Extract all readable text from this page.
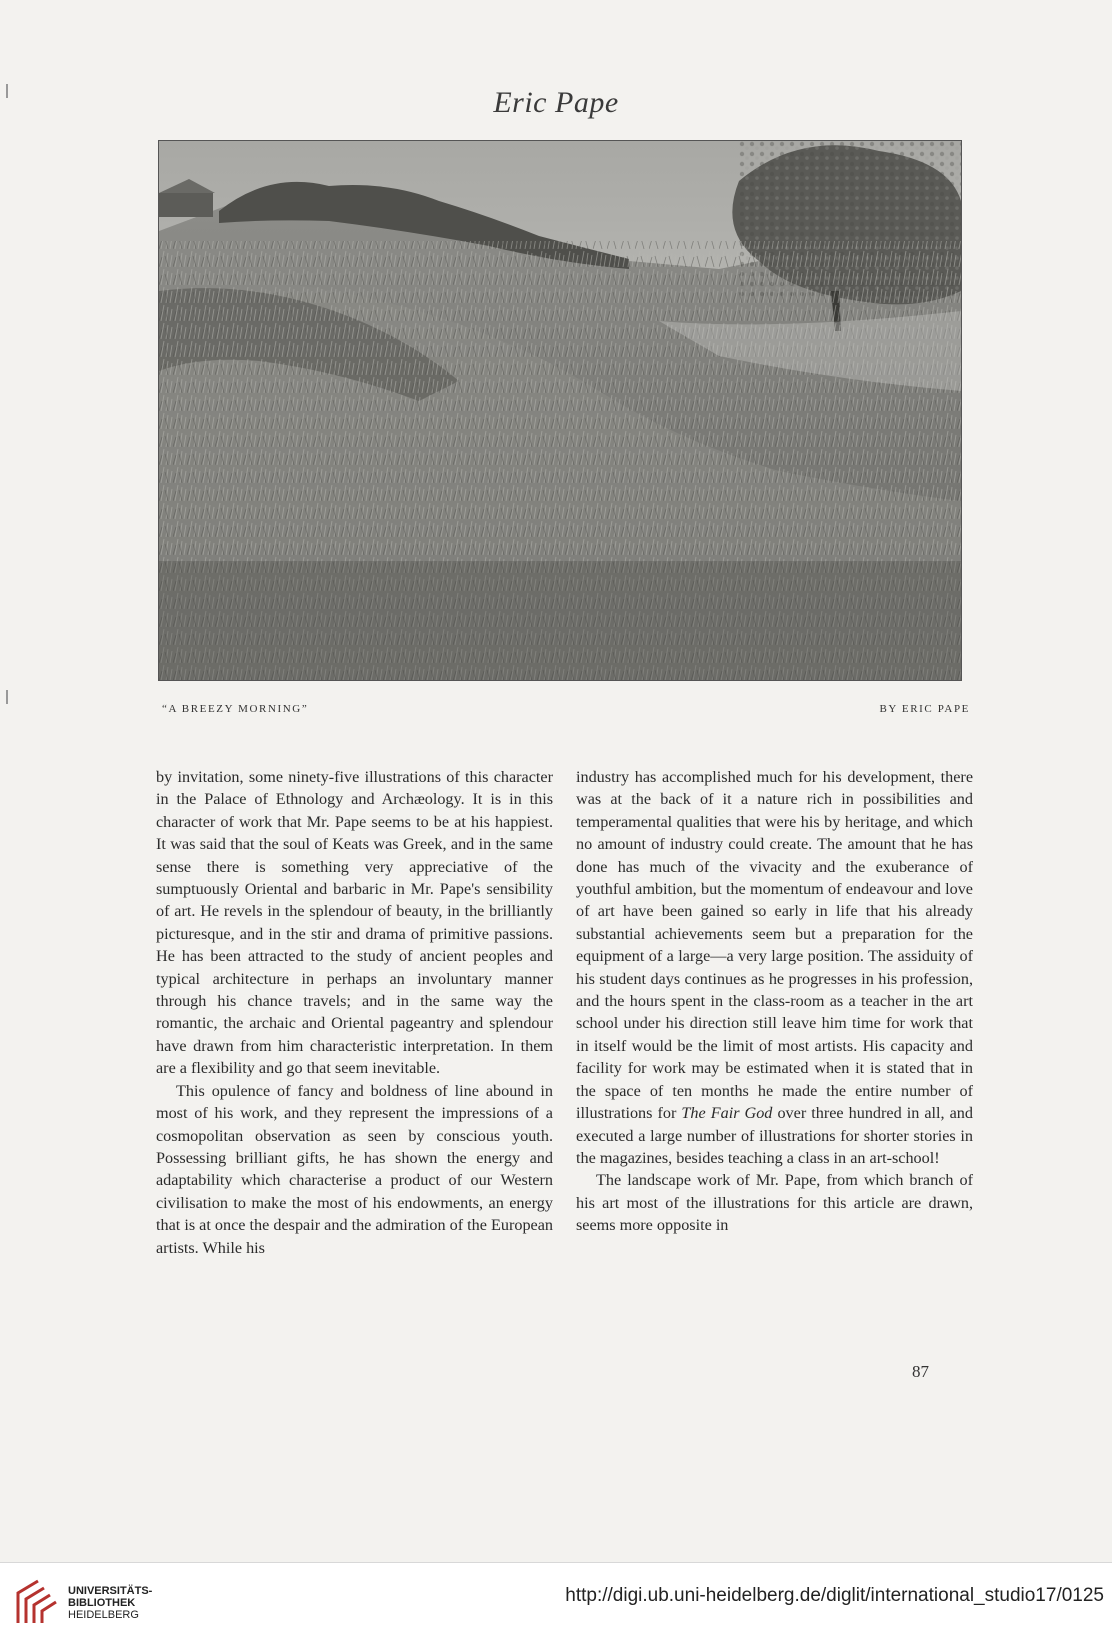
Eric Pape
“A BREEZY MORNING”	BY ERIC PAPE

by invitation, some ninety-five illustrations of this character in the Palace of Ethnology and Archæology. It is in this character of work that Mr. Pape seems to be at his happiest. It was said that the soul of Keats was Greek, and in the same sense there is something very appreciative of the sumptuously Oriental and barbaric in Mr. Pape's sensibility of art. He revels in the splendour of beauty, in the brilliantly picturesque, and in the stir and drama of primitive passions. He has been attracted to the study of ancient peoples and typical architecture in perhaps an involuntary manner through his chance travels; and in the same way the romantic, the archaic and Oriental pageantry and splendour have drawn from him characteristic interpretation. In them are a flexibility and go that seem inevitable.

This opulence of fancy and boldness of line abound in most of his work, and they represent the impressions of a cosmopolitan observation as seen by conscious youth. Possessing brilliant gifts, he has shown the energy and adaptability which characterise a product of our Western civilisation to make the most of his endowments, an energy that is at once the despair and the admiration of the European artists. While his

industry has accomplished much for his development, there was at the back of it a nature rich in possibilities and temperamental qualities that were his by heritage, and which no amount of industry could create. The amount that he has done has much of the vivacity and the exuberance of youthful ambition, but the momentum of endeavour and love of art have been gained so early in life that his already substantial achievements seem but a preparation for the equipment of a large—a very large position. The assiduity of his student days continues as he progresses in his profession, and the hours spent in the class-room as a teacher in the art school under his direction still leave him time for work that in itself would be the limit of most artists. His capacity and facility for work may be estimated when it is stated that in the space of ten months he made the entire number of illustrations for The Fair God over three hundred in all, and executed a large number of illustrations for shorter stories in the magazines, besides teaching a class in an art-school!

The landscape work of Mr. Pape, from which branch of his art most of the illustrations for this article are drawn, seems more opposite in

87
UNIVERSITÄTS-
BIBLIOTHEK
HEIDELBERG
http://digi.ub.uni-heidelberg.de/diglit/international_studio17/0125
